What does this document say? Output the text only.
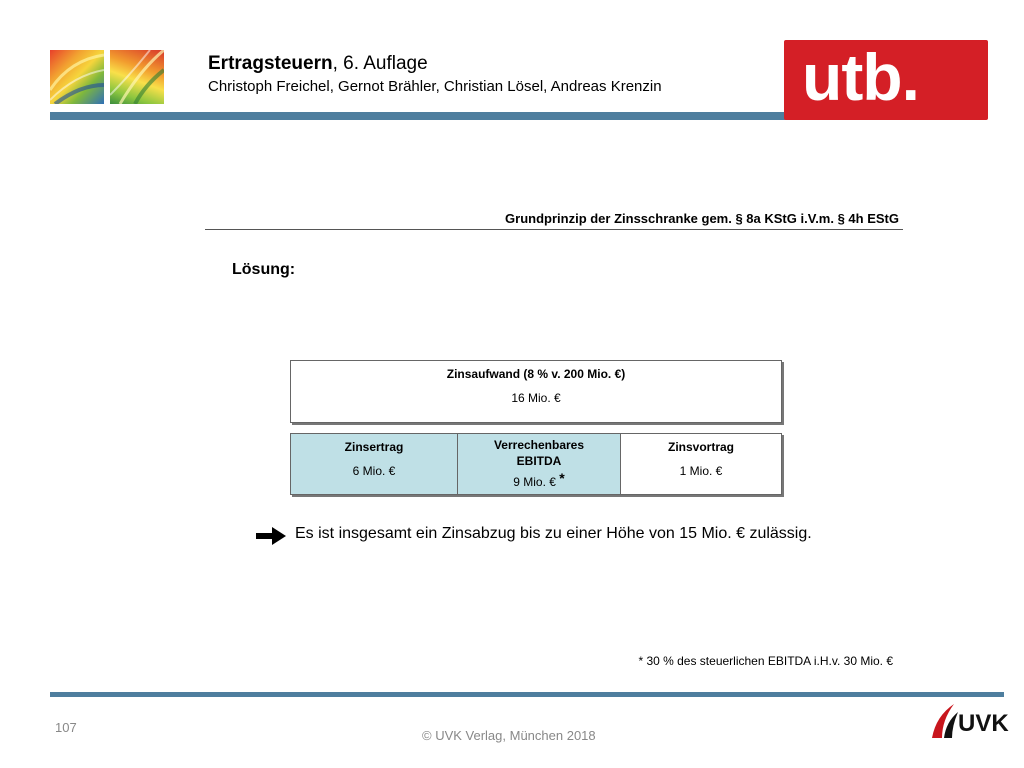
Ertragsteuern, 6. Auflage
Christoph Freichel, Gernot Brähler, Christian Lösel, Andreas Krenzin utb.
Grundprinzip der Zinsschranke gem. § 8a KStG i.V.m. § 4h EStG
Lösung:
Zinsaufwand (8 % v. 200 Mio. €)
16 Mio. €
Zinsertrag
6 Mio. €
Verrechenbares
EBITDA
9 Mio. € *
Zinsvortrag
1 Mio. €
Es ist insgesamt ein Zinsabzug bis zu einer Höhe von 15 Mio. € zulässig.
* 30 % des steuerlichen EBITDA i.H.v. 30 Mio. €
107
© UVK Verlag, München 2018	UVK
